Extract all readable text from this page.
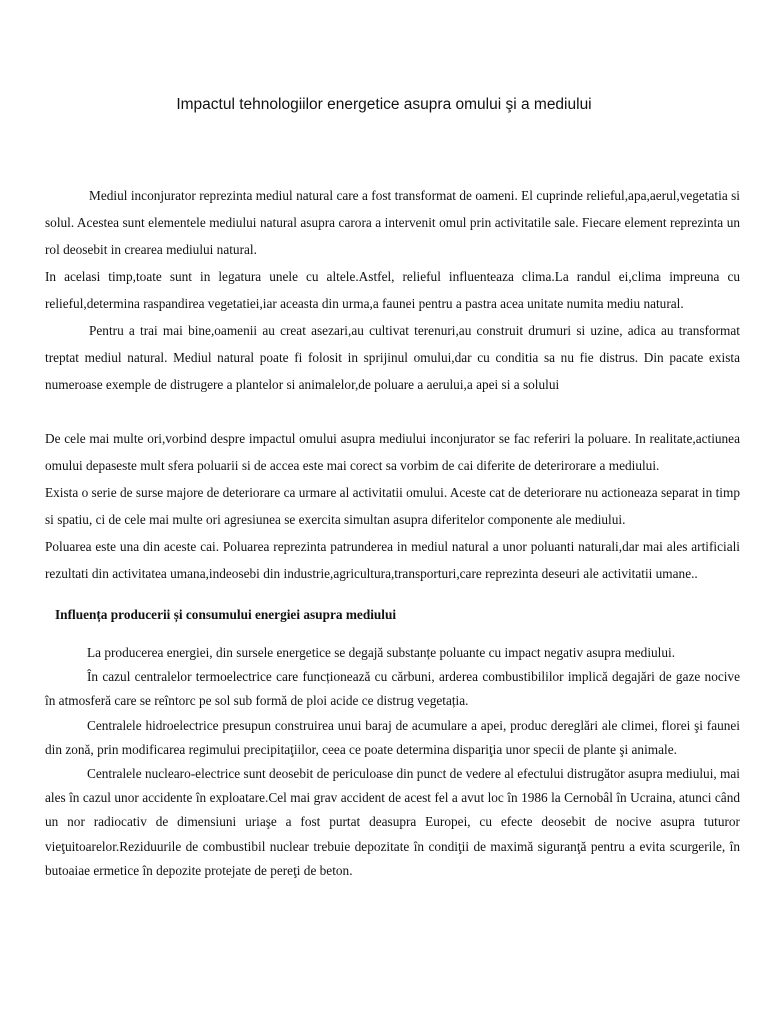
Impactul tehnologiilor energetice asupra omului şi a mediului

Mediul inconjurator reprezinta mediul natural care a fost transformat de oameni. El cuprinde relieful,apa,aerul,vegetatia si solul. Acestea sunt elementele mediului natural asupra carora a intervenit omul prin activitatile sale. Fiecare element reprezinta un rol deosebit in crearea mediului natural.

In acelasi timp,toate sunt in legatura unele cu altele.Astfel, relieful influenteaza clima.La randul ei,clima impreuna cu relieful,determina raspandirea vegetatiei,iar aceasta din urma,a faunei pentru a pastra acea unitate numita mediu natural.

Pentru a trai mai bine,oamenii au creat asezari,au cultivat terenuri,au construit drumuri si uzine, adica au transformat treptat mediul natural. Mediul natural poate fi folosit in sprijinul omului,dar cu conditia sa nu fie distrus. Din pacate exista numeroase exemple de distrugere a plantelor si animalelor,de poluare a aerului,a apei si a solului

De cele mai multe ori,vorbind despre impactul omului asupra mediului inconjurator se fac referiri la poluare. In realitate,actiunea omului depaseste mult sfera poluarii si de accea este mai corect sa vorbim de cai diferite de deterirorare a mediului.

Exista o serie de surse majore de deteriorare ca urmare al activitatii omului. Aceste cat de deteriorare nu actioneaza separat in timp si spatiu, ci de cele mai multe ori agresiunea se exercita simultan asupra diferitelor componente ale mediului.

Poluarea este una din aceste cai. Poluarea reprezinta patrunderea in mediul natural a unor poluanti naturali,dar mai ales artificiali rezultati din activitatea umana,indeosebi din industrie,agricultura,transporturi,care reprezinta deseuri ale activitatii umane..

Influența producerii și consumului energiei asupra mediului

La producerea energiei, din sursele energetice se degajă substanțe poluante cu impact negativ asupra mediului.

În cazul centralelor termoelectrice care funcționează cu cărbuni, arderea combustibililor implică degajări de gaze nocive în atmosferă care se reîntorc pe sol sub formă de ploi acide ce distrug vegetația.

Centralele hidroelectrice presupun construirea unui baraj de acumulare a apei, produc dereglări ale climei, florei şi faunei din zonă, prin modificarea regimului precipitaţiilor, ceea ce poate determina dispariţia unor specii de plante şi animale.

Centralele nuclearo-electrice sunt deosebit de periculoase din punct de vedere al efectului distrugător asupra mediului, mai ales în cazul unor accidente în exploatare.Cel mai grav accident de acest fel a avut loc în 1986 la Cernobâl în Ucraina, atunci când un nor radiocativ de dimensiuni uriaşe a fost purtat deasupra Europei, cu efecte deosebit de nocive asupra tuturor vieţuitoarelor.Reziduurile de combustibil nuclear trebuie depozitate în condiţii de maximă siguranţă pentru a evita scurgerile, în butoaiae ermetice în depozite protejate de pereţi de beton.
